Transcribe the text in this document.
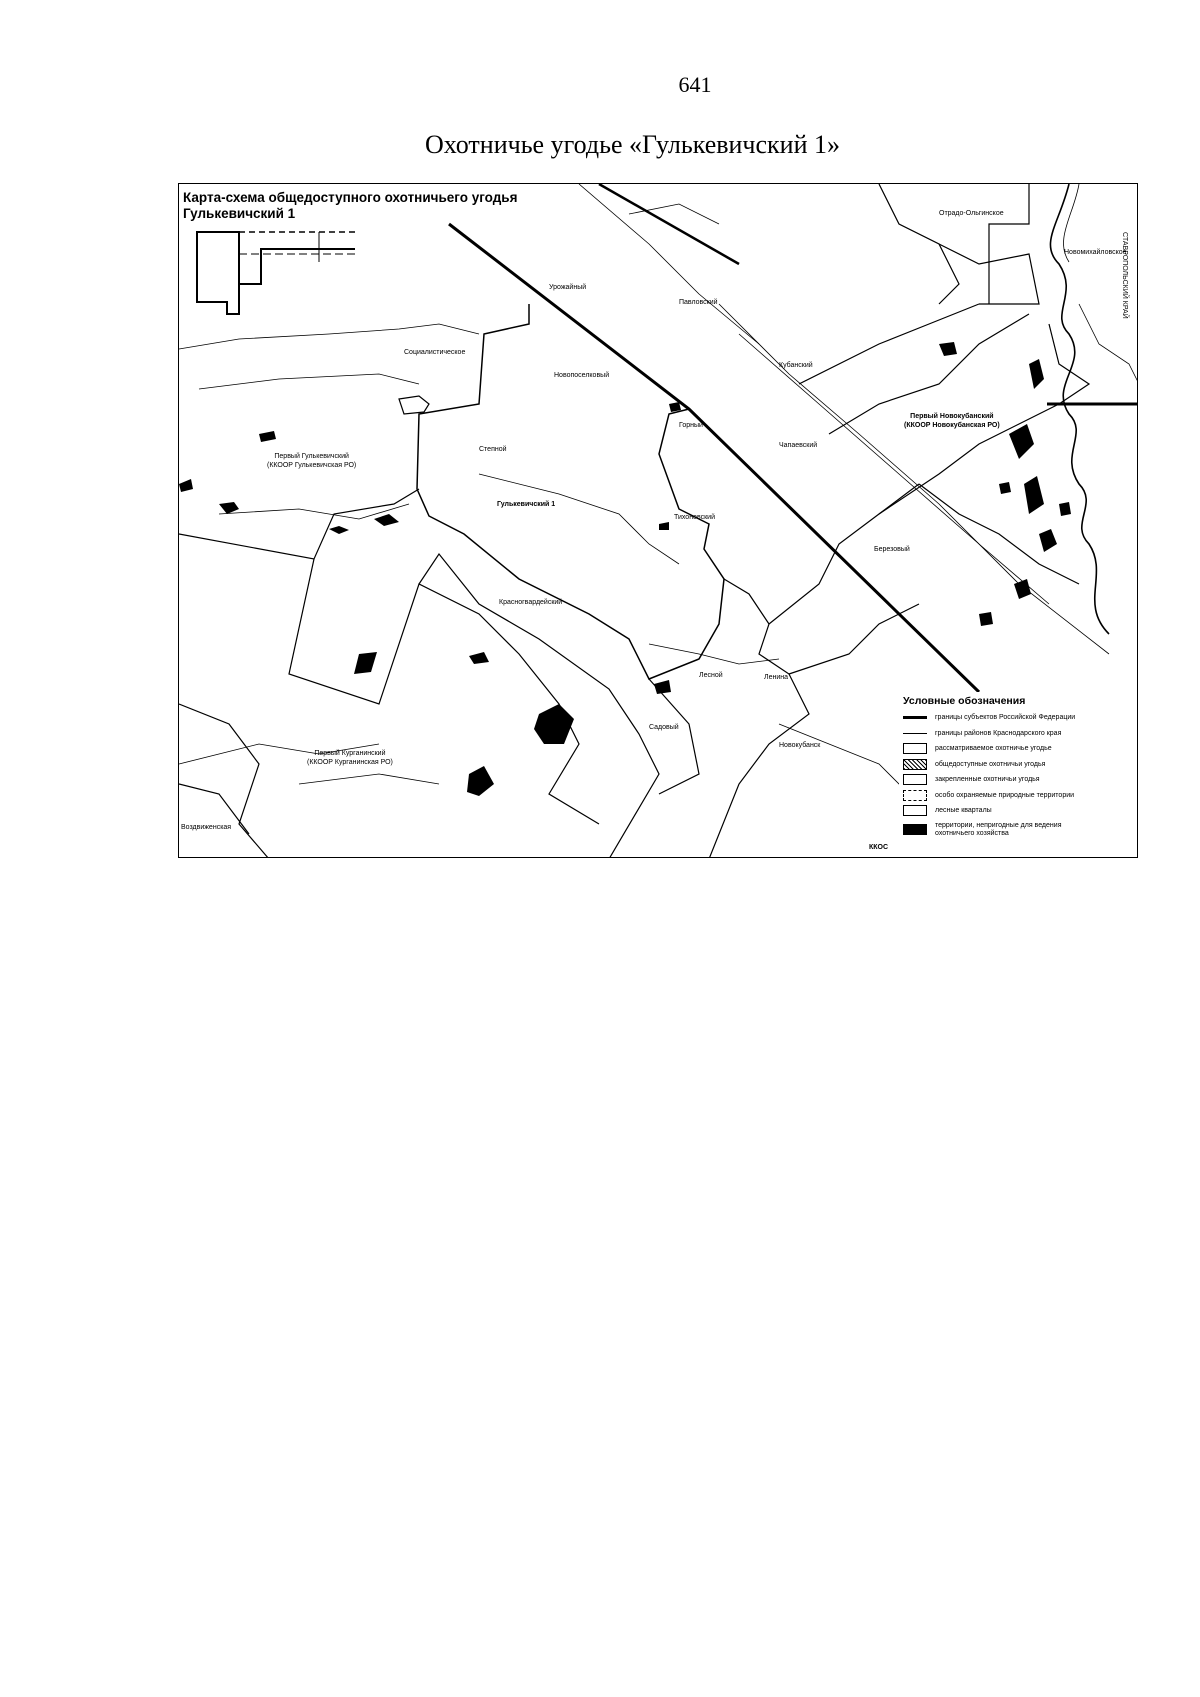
641
Охотничье угодье «Гулькевичский 1»
Карта-схема общедоступного охотничьего угодья
Гулькевичский 1
Гулькевичский 1
Первый Гулькевичский
(ККООР Гулькевичская РО)
Первый Новокубанский
(ККООР Новокубанская РО)
Первый Курганинский
(ККООР Курганинская РО)
Отрадо-Ольгинское
Новомихайловское
Павловский
Социалистическое
Новопоселковый
Урожайный
Степной
Тихоновский
Красногвардейский
Горный
Чапаевский
Лесной
Березовый
Кубанский
Новокубанск
Садовый
Ленина
Воздвиженская
СТАВРОПОЛЬСКИЙ КРАЙ
ККОС
Условные обозначения
границы субъектов Российской Федерации
границы районов Краснодарского края
рассматриваемое охотничье угодье
общедоступные охотничьи угодья
закрепленные охотничьи угодья
особо охраняемые природные территории
лесные кварталы
территории, непригодные для ведения
охотничьего хозяйства
